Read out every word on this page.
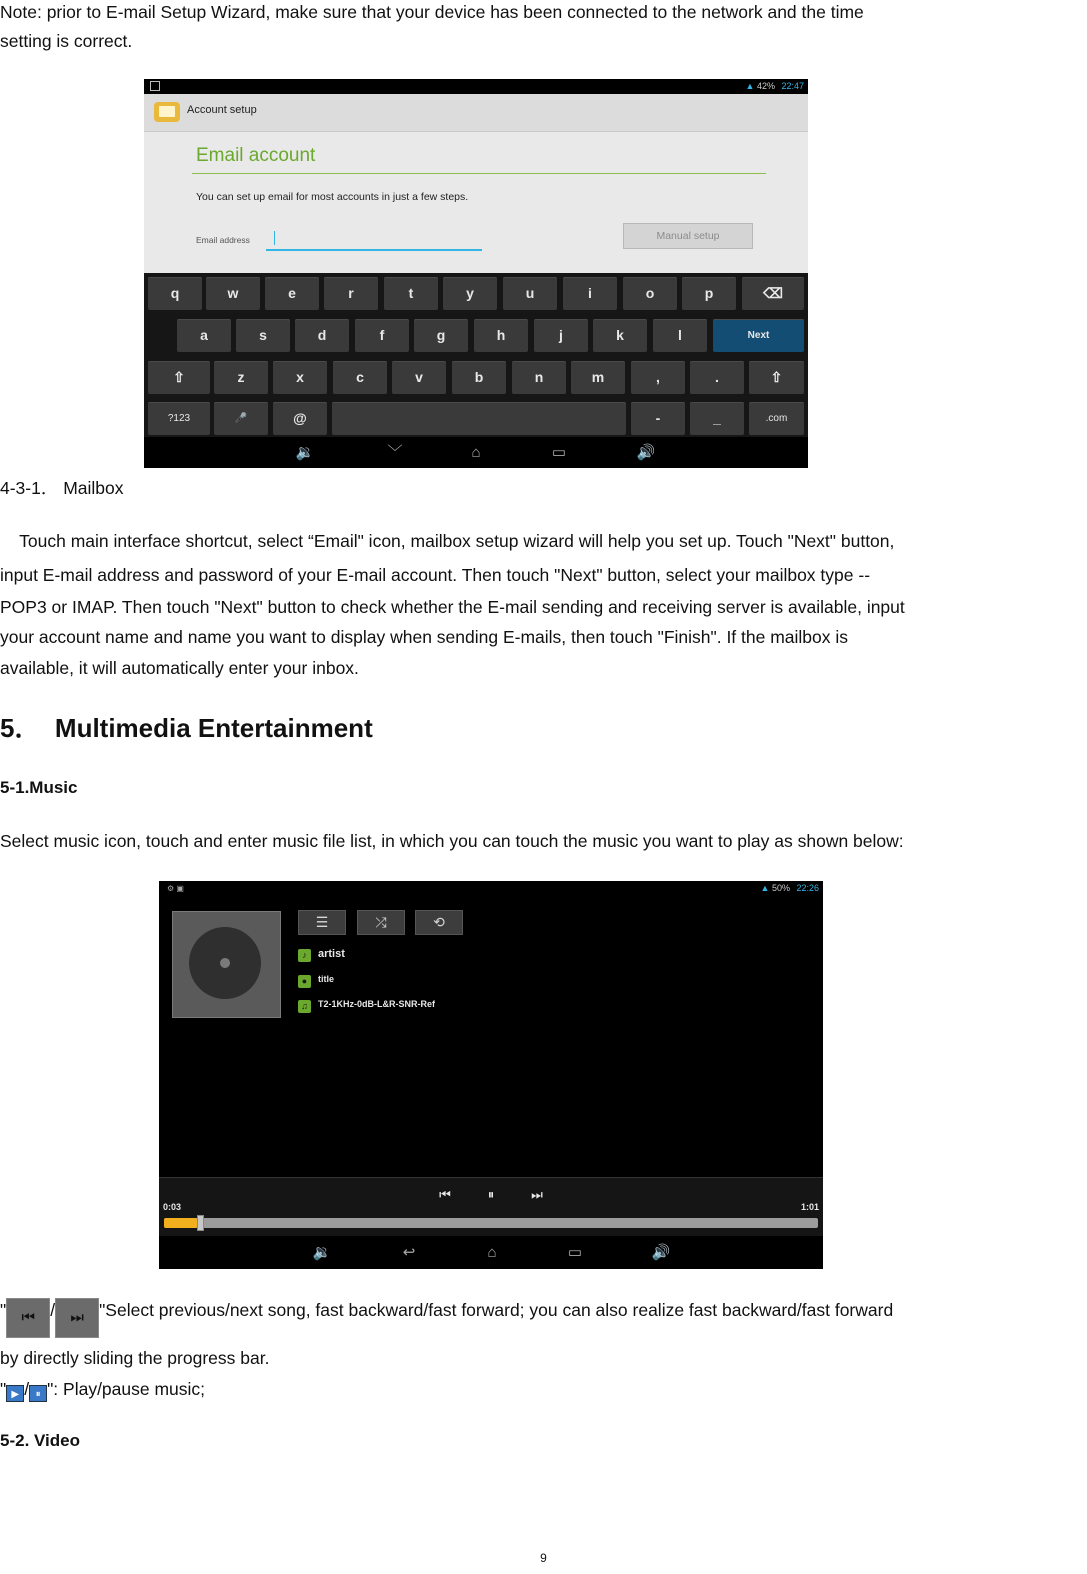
Note: prior to E-mail Setup Wizard, make sure that your device has been connected to the network and the time

setting is correct.

▲ 42% 22:47
Account setup
Email account
You can set up email for most accounts in just a few steps.
Email address	Manual setup
q	w	e	r	t	y	u	i	o	p	⌫
a	s	d	f	g	h	j	k	l	Next
⇧	z	x	c	v	b	n	m	,	.	⇧
?123	🎤	@	-	_	.com
🔉	﹀	⌂	▭	🔊

4-3-1． Mailbox

Touch main interface shortcut, select “Email" icon, mailbox setup wizard will help you set up. Touch "Next" button,

input E-mail address and password of your E-mail account. Then touch "Next" button, select your mailbox type --

POP3 or IMAP. Then touch "Next" button to check whether the E-mail sending and receiving server is available, input

your account name and name you want to display when sending E-mails, then touch "Finish". If the mailbox is

available, it will automatically enter your inbox.

5．  Multimedia Entertainment
5-1.Music

Select music icon, touch and enter music file list, in which you can touch the music you want to play as shown below:

⚙ ▣	▲ 50% 22:26
☰	⤮	⟲
♪	artist
●	title
♫	T2-1KHz-0dB-L&R-SNR-Ref
0:03
⏮	⏸	⏭
1:01
🔉	↩	⌂	▭	🔊
" ⏮ / ⏭ "Select previous/next song, fast backward/fast forward; you can also realize fast backward/fast forward

by directly sliding the progress bar.

" ▶ / ⏸ ": Play/pause music;
5-2. Video
9
